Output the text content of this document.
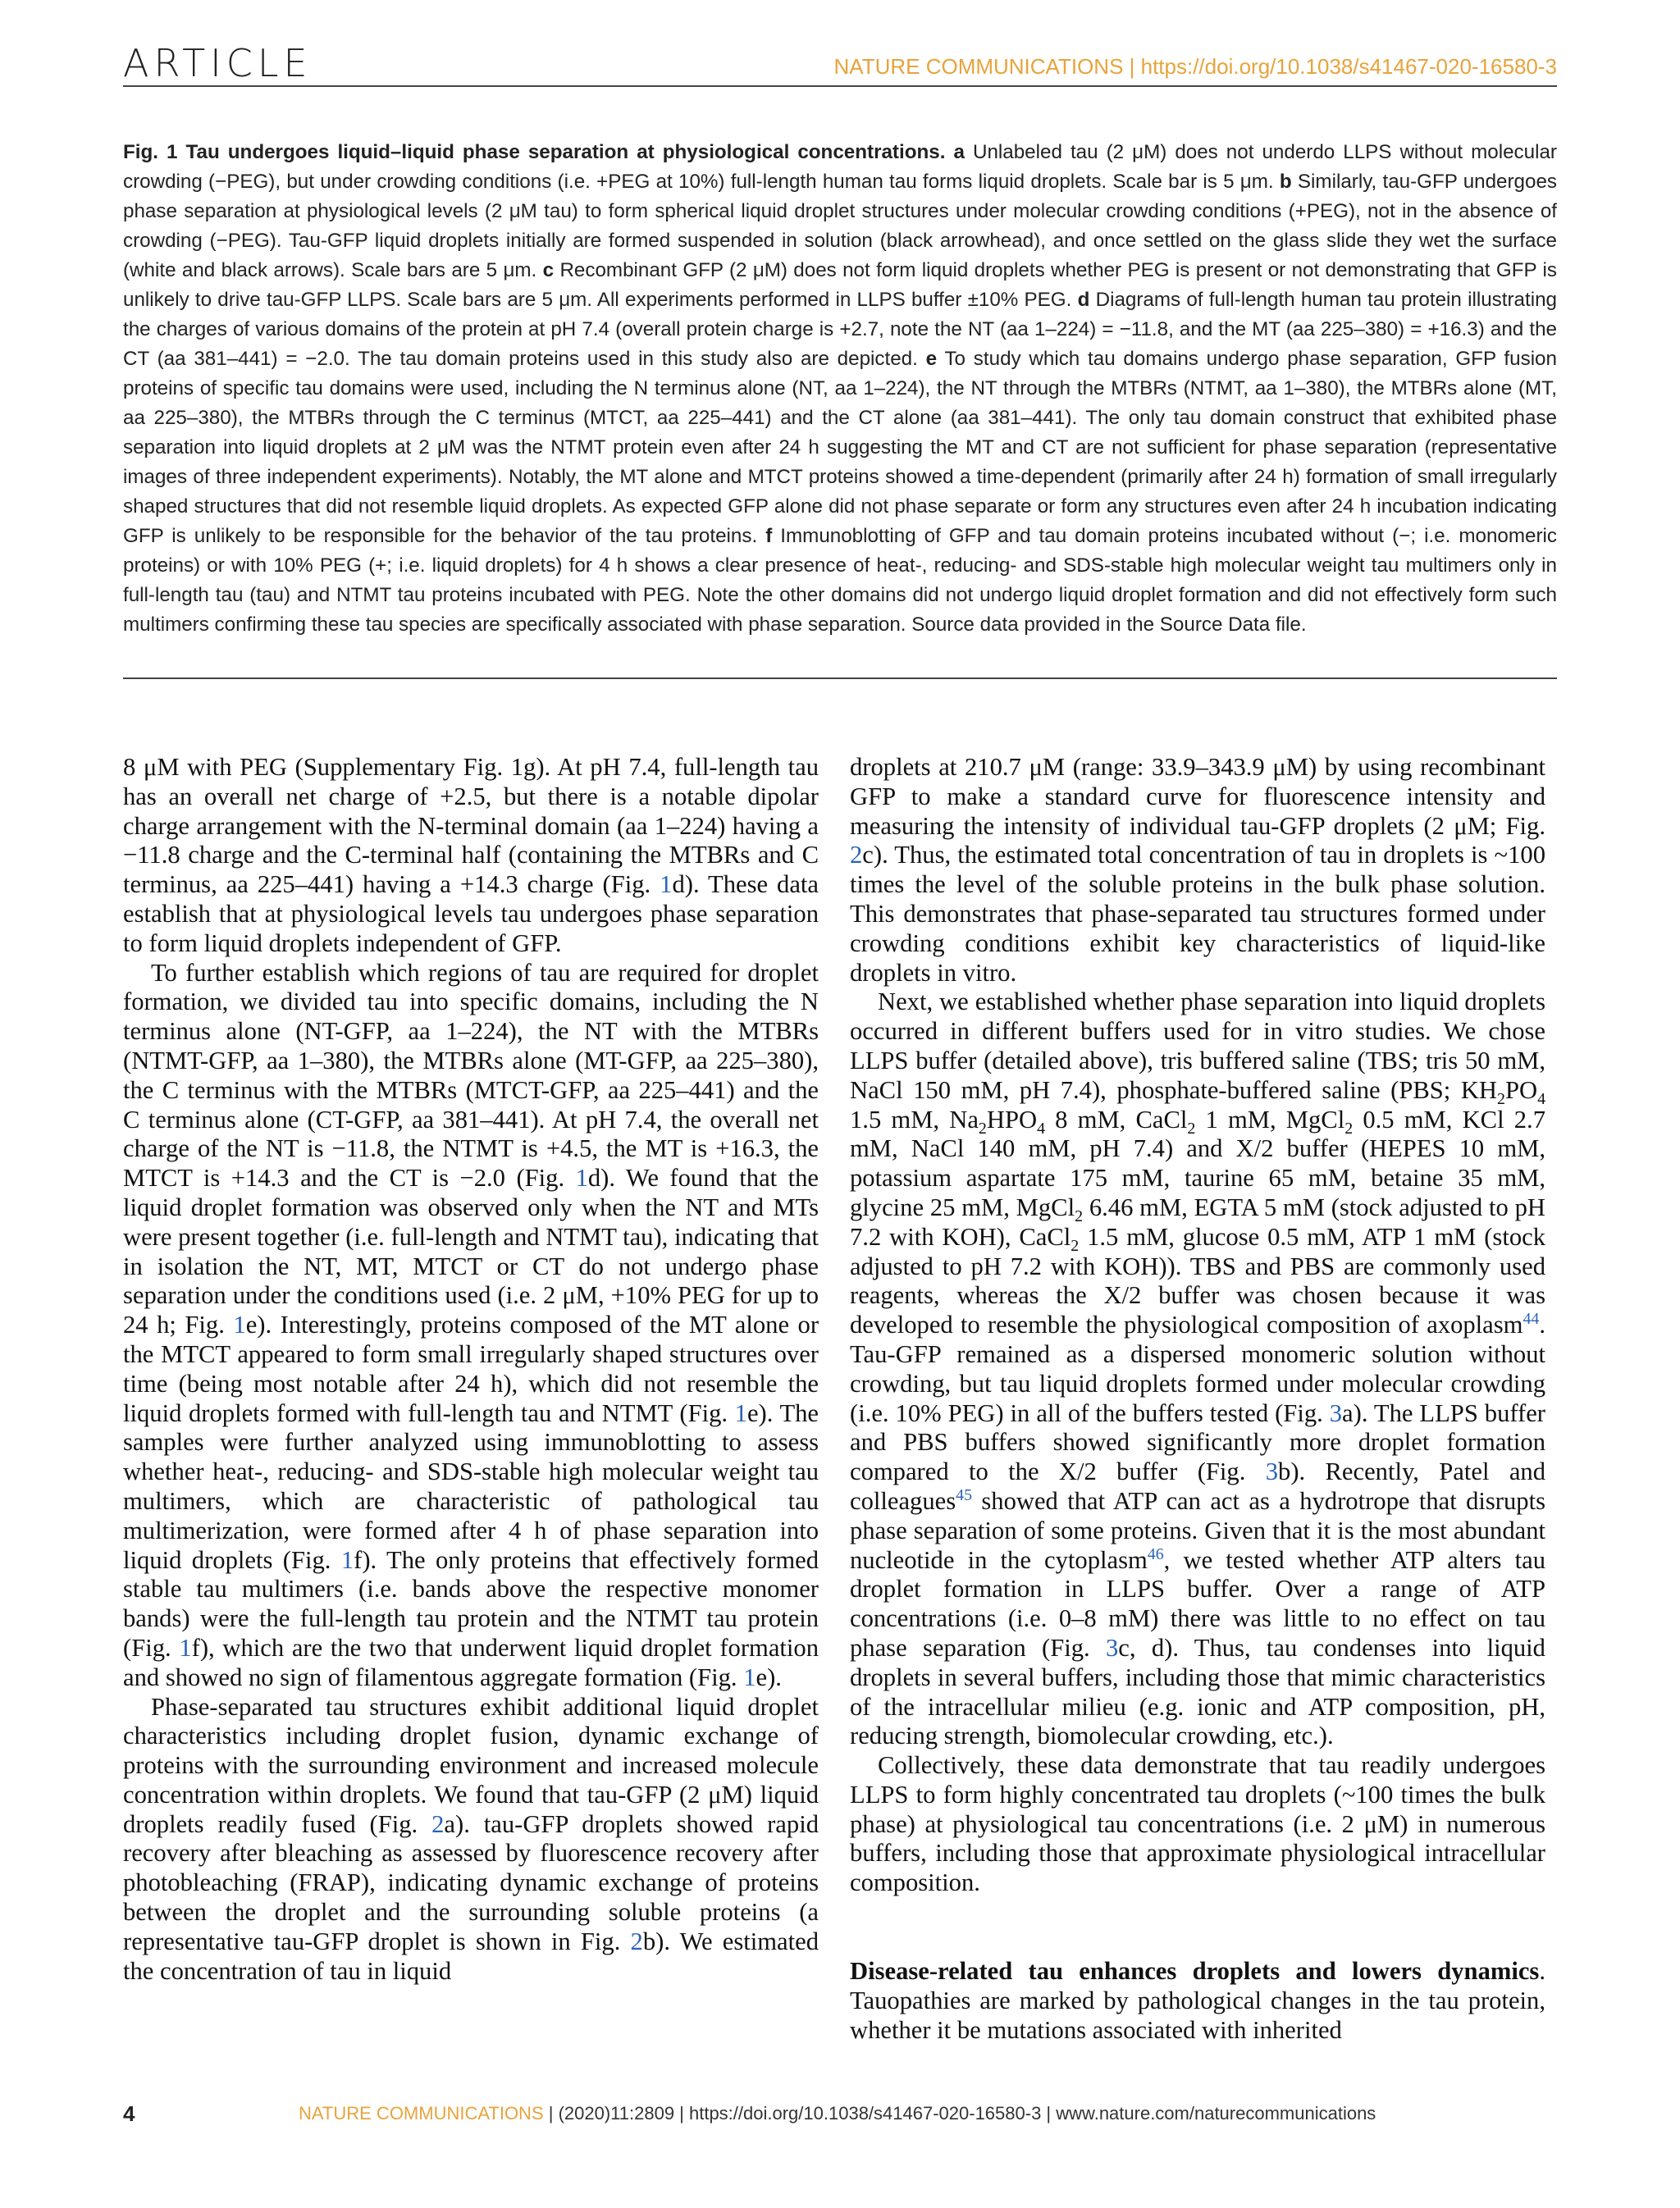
ARTICLE	NATURE COMMUNICATIONS | https://doi.org/10.1038/s41467-020-16580-3
Fig. 1 Tau undergoes liquid–liquid phase separation at physiological concentrations. a Unlabeled tau (2 μM) does not underdo LLPS without molecular crowding (−PEG), but under crowding conditions (i.e. +PEG at 10%) full-length human tau forms liquid droplets. Scale bar is 5 μm. b Similarly, tau-GFP undergoes phase separation at physiological levels (2 μM tau) to form spherical liquid droplet structures under molecular crowding conditions (+PEG), not in the absence of crowding (−PEG). Tau-GFP liquid droplets initially are formed suspended in solution (black arrowhead), and once settled on the glass slide they wet the surface (white and black arrows). Scale bars are 5 μm. c Recombinant GFP (2 μM) does not form liquid droplets whether PEG is present or not demonstrating that GFP is unlikely to drive tau-GFP LLPS. Scale bars are 5 μm. All experiments performed in LLPS buffer ±10% PEG. d Diagrams of full-length human tau protein illustrating the charges of various domains of the protein at pH 7.4 (overall protein charge is +2.7, note the NT (aa 1–224) = −11.8, and the MT (aa 225–380) = +16.3) and the CT (aa 381–441) = −2.0. The tau domain proteins used in this study also are depicted. e To study which tau domains undergo phase separation, GFP fusion proteins of specific tau domains were used, including the N terminus alone (NT, aa 1–224), the NT through the MTBRs (NTMT, aa 1–380), the MTBRs alone (MT, aa 225–380), the MTBRs through the C terminus (MTCT, aa 225–441) and the CT alone (aa 381–441). The only tau domain construct that exhibited phase separation into liquid droplets at 2 μM was the NTMT protein even after 24 h suggesting the MT and CT are not sufficient for phase separation (representative images of three independent experiments). Notably, the MT alone and MTCT proteins showed a time-dependent (primarily after 24 h) formation of small irregularly shaped structures that did not resemble liquid droplets. As expected GFP alone did not phase separate or form any structures even after 24 h incubation indicating GFP is unlikely to be responsible for the behavior of the tau proteins. f Immunoblotting of GFP and tau domain proteins incubated without (−; i.e. monomeric proteins) or with 10% PEG (+; i.e. liquid droplets) for 4 h shows a clear presence of heat-, reducing- and SDS-stable high molecular weight tau multimers only in full-length tau (tau) and NTMT tau proteins incubated with PEG. Note the other domains did not undergo liquid droplet formation and did not effectively form such multimers confirming these tau species are specifically associated with phase separation. Source data provided in the Source Data file.

8 μM with PEG (Supplementary Fig. 1g). At pH 7.4, full-length tau has an overall net charge of +2.5, but there is a notable dipolar charge arrangement with the N-terminal domain (aa 1–224) having a −11.8 charge and the C-terminal half (containing the MTBRs and C terminus, aa 225–441) having a +14.3 charge (Fig. 1d). These data establish that at physiological levels tau undergoes phase separation to form liquid droplets independent of GFP.

To further establish which regions of tau are required for droplet formation, we divided tau into specific domains, including the N terminus alone (NT-GFP, aa 1–224), the NT with the MTBRs (NTMT-GFP, aa 1–380), the MTBRs alone (MT-GFP, aa 225–380), the C terminus with the MTBRs (MTCT-GFP, aa 225–441) and the C terminus alone (CT-GFP, aa 381–441). At pH 7.4, the overall net charge of the NT is −11.8, the NTMT is +4.5, the MT is +16.3, the MTCT is +14.3 and the CT is −2.0 (Fig. 1d). We found that the liquid droplet formation was observed only when the NT and MTs were present together (i.e. full-length and NTMT tau), indicating that in isolation the NT, MT, MTCT or CT do not undergo phase separation under the conditions used (i.e. 2 μM, +10% PEG for up to 24 h; Fig. 1e). Interestingly, proteins composed of the MT alone or the MTCT appeared to form small irregularly shaped structures over time (being most notable after 24 h), which did not resemble the liquid droplets formed with full-length tau and NTMT (Fig. 1e). The samples were further analyzed using immunoblotting to assess whether heat-, reducing- and SDS-stable high molecular weight tau multimers, which are characteristic of pathological tau multimerization, were formed after 4 h of phase separation into liquid droplets (Fig. 1f). The only proteins that effectively formed stable tau multimers (i.e. bands above the respective monomer bands) were the full-length tau protein and the NTMT tau protein (Fig. 1f), which are the two that underwent liquid droplet formation and showed no sign of filamentous aggregate formation (Fig. 1e).

Phase-separated tau structures exhibit additional liquid droplet characteristics including droplet fusion, dynamic exchange of proteins with the surrounding environment and increased molecule concentration within droplets. We found that tau-GFP (2 μM) liquid droplets readily fused (Fig. 2a). tau-GFP droplets showed rapid recovery after bleaching as assessed by fluorescence recovery after photobleaching (FRAP), indicating dynamic exchange of proteins between the droplet and the surrounding soluble proteins (a representative tau-GFP droplet is shown in Fig. 2b). We estimated the concentration of tau in liquid

droplets at 210.7 μM (range: 33.9–343.9 μM) by using recombinant GFP to make a standard curve for fluorescence intensity and measuring the intensity of individual tau-GFP droplets (2 μM; Fig. 2c). Thus, the estimated total concentration of tau in droplets is ~100 times the level of the soluble proteins in the bulk phase solution. This demonstrates that phase-separated tau structures formed under crowding conditions exhibit key characteristics of liquid-like droplets in vitro.

Next, we established whether phase separation into liquid droplets occurred in different buffers used for in vitro studies. We chose LLPS buffer (detailed above), tris buffered saline (TBS; tris 50 mM, NaCl 150 mM, pH 7.4), phosphate-buffered saline (PBS; $KH_2PO_4$ 1.5 mM, $Na_2HPO_4$ 8 mM, CaCl$_2$ 1 mM, MgCl$_2$ 0.5 mM, KCl 2.7 mM, NaCl 140 mM, pH 7.4) and X/2 buffer (HEPES 10 mM, potassium aspartate 175 mM, taurine 65 mM, betaine 35 mM, glycine 25 mM, MgCl$_2$ 6.46 mM, EGTA 5 mM (stock adjusted to pH 7.2 with KOH), CaCl$_2$ 1.5 mM, glucose 0.5 mM, ATP 1 mM (stock adjusted to pH 7.2 with KOH)). TBS and PBS are commonly used reagents, whereas the X/2 buffer was chosen because it was developed to resemble the physiological composition of axoplasm$^{44}$. Tau-GFP remained as a dispersed monomeric solution without crowding, but tau liquid droplets formed under molecular crowding (i.e. 10% PEG) in all of the buffers tested (Fig. 3a). The LLPS buffer and PBS buffers showed significantly more droplet formation compared to the X/2 buffer (Fig. 3b). Recently, Patel and colleagues$^{45}$ showed that ATP can act as a hydrotrope that disrupts phase separation of some proteins. Given that it is the most abundant nucleotide in the cytoplasm$^{46}$, we tested whether ATP alters tau droplet formation in LLPS buffer. Over a range of ATP concentrations (i.e. 0–8 mM) there was little to no effect on tau phase separation (Fig. 3c, d). Thus, tau condenses into liquid droplets in several buffers, including those that mimic characteristics of the intracellular milieu (e.g. ionic and ATP composition, pH, reducing strength, biomolecular crowding, etc.).

Collectively, these data demonstrate that tau readily undergoes LLPS to form highly concentrated tau droplets (~100 times the bulk phase) at physiological tau concentrations (i.e. 2 μM) in numerous buffers, including those that approximate physiological intracellular composition.

Disease-related tau enhances droplets and lowers dynamics. Tauopathies are marked by pathological changes in the tau protein, whether it be mutations associated with inherited

4	NATURE COMMUNICATIONS | (2020)11:2809 | https://doi.org/10.1038/s41467-020-16580-3 | www.nature.com/naturecommunications
